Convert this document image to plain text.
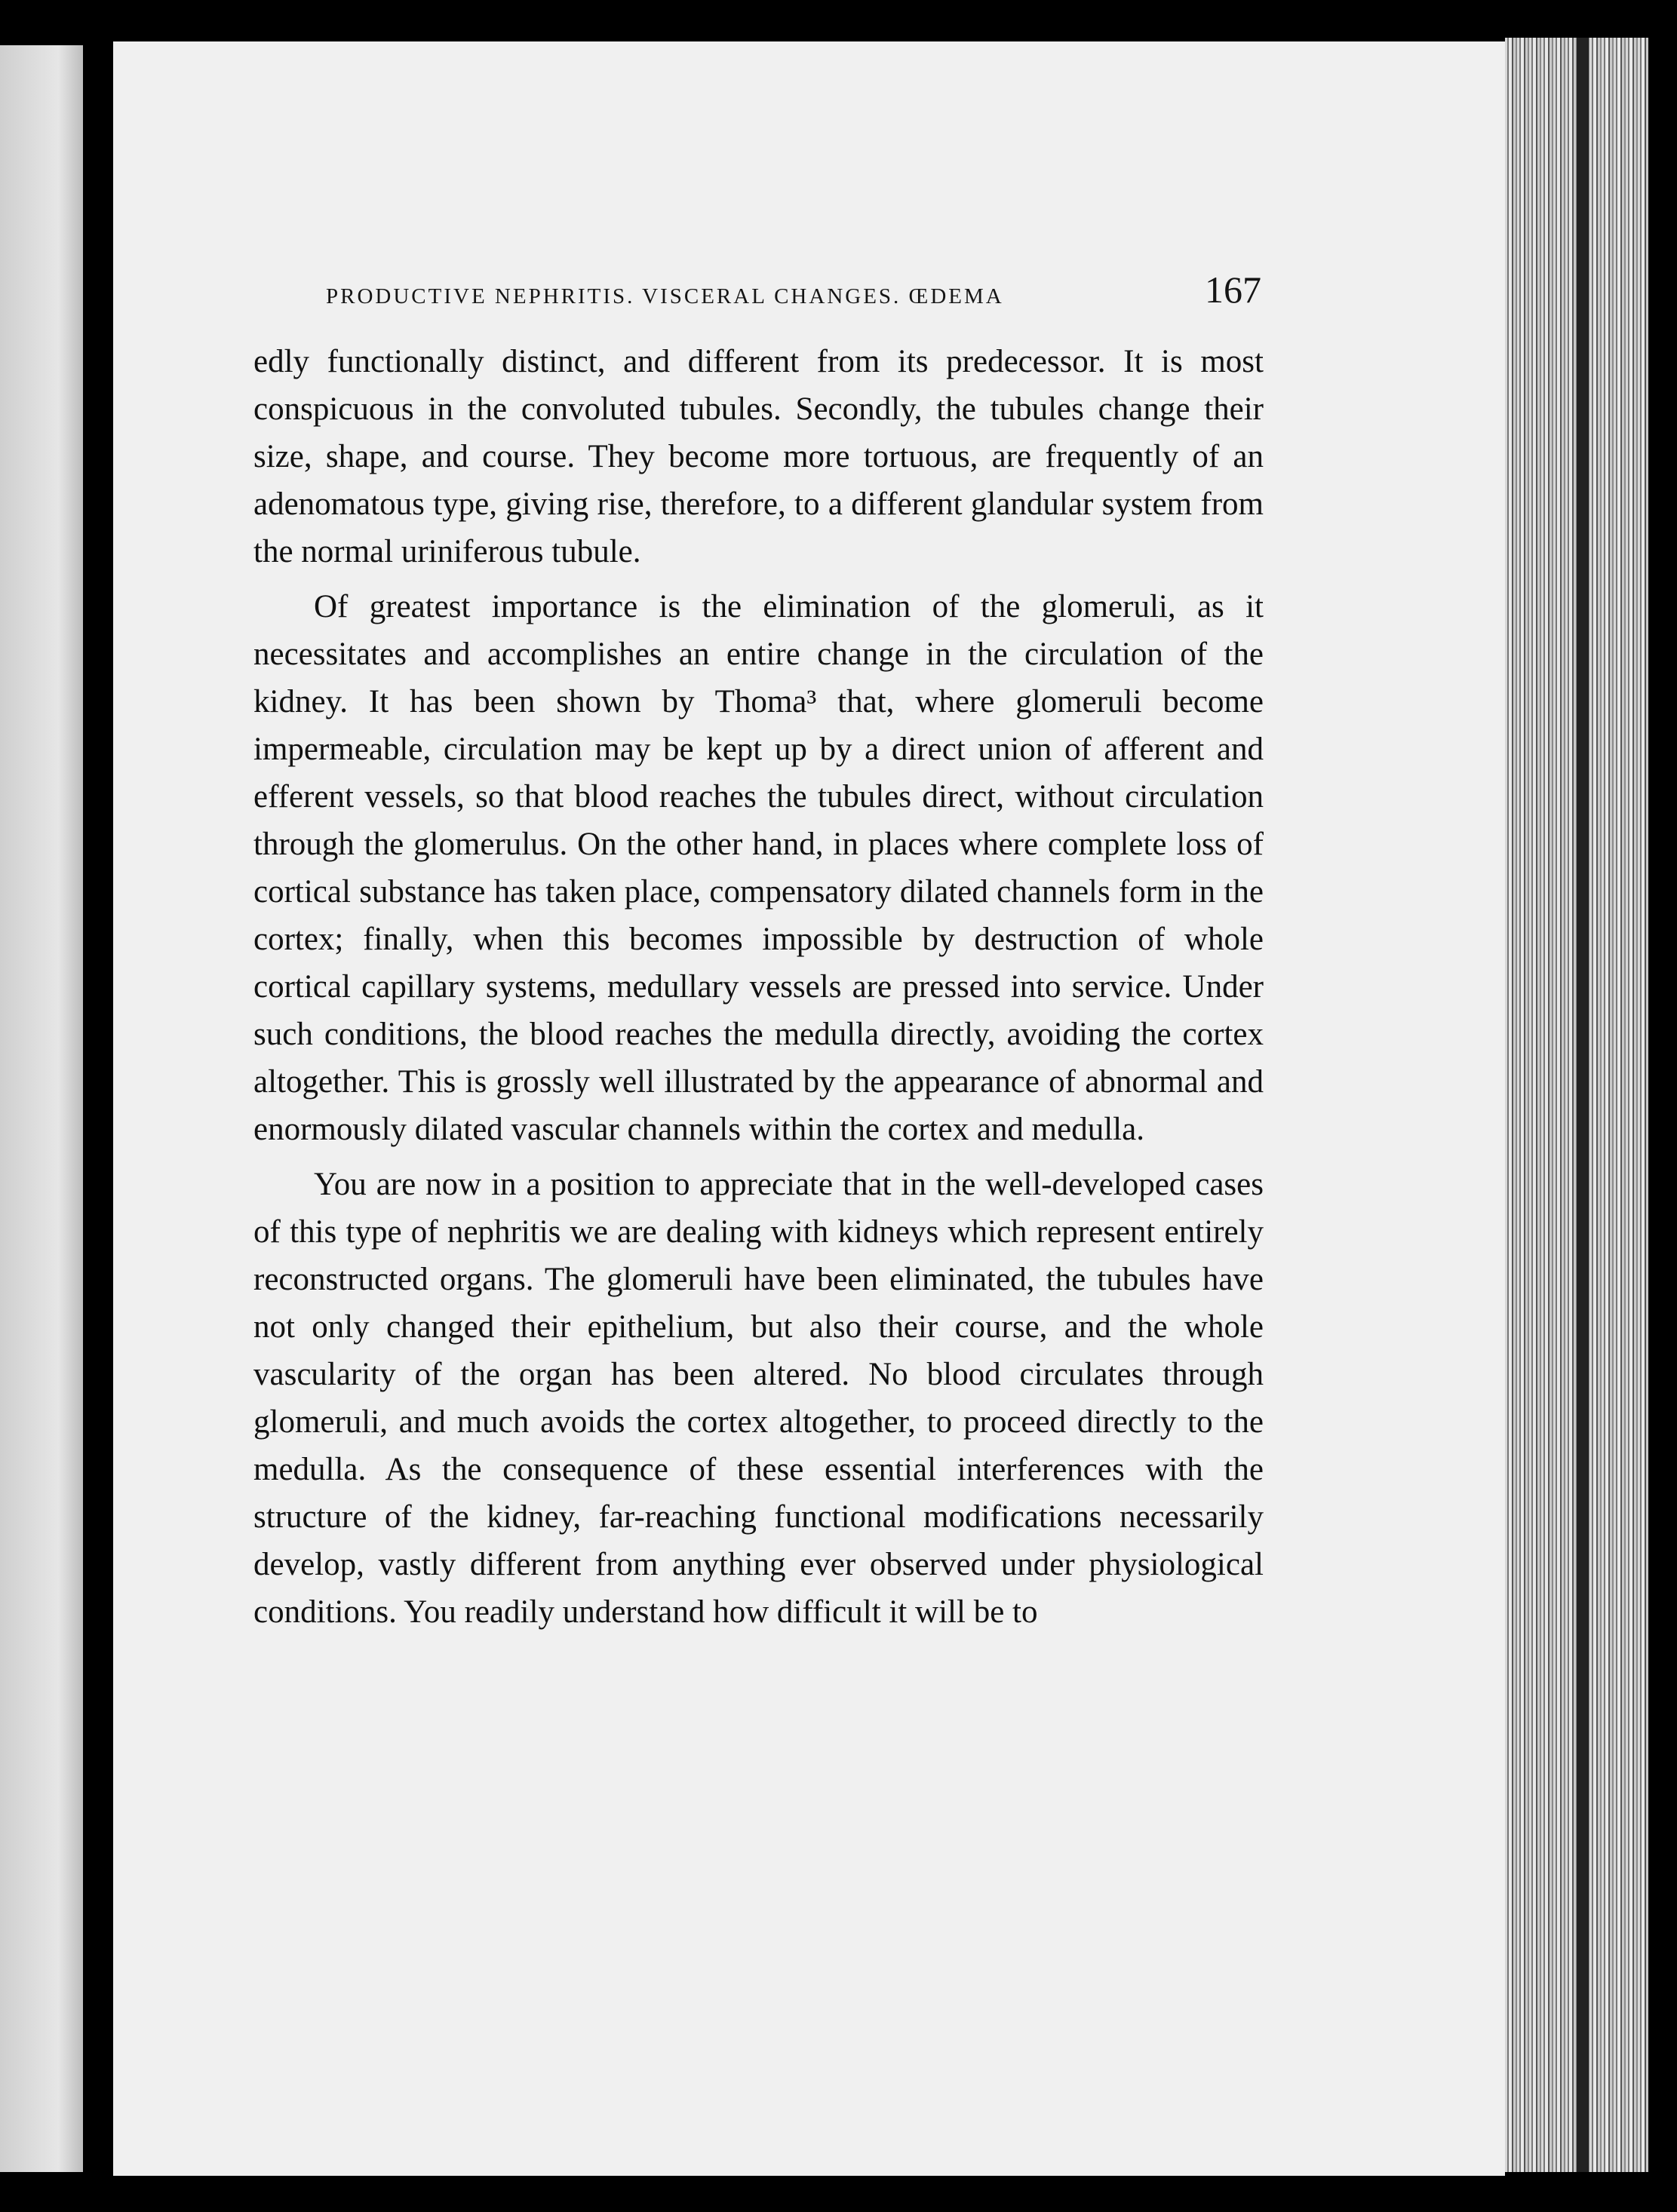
PRODUCTIVE NEPHRITIS. VISCERAL CHANGES. ŒDEMA	167

edly functionally distinct, and different from its predecessor. It is most conspicuous in the convoluted tubules. Secondly, the tubules change their size, shape, and course. They become more tortuous, are frequently of an adenomatous type, giving rise, therefore, to a different glandular system from the normal uriniferous tubule.

Of greatest importance is the elimination of the glomeruli, as it necessitates and accomplishes an entire change in the circulation of the kidney. It has been shown by Thoma³ that, where glomeruli become impermeable, circulation may be kept up by a direct union of afferent and efferent vessels, so that blood reaches the tubules direct, without circulation through the glomerulus. On the other hand, in places where complete loss of cortical substance has taken place, compensatory dilated channels form in the cortex; finally, when this becomes impossible by destruction of whole cortical capillary systems, medullary vessels are pressed into service. Under such conditions, the blood reaches the medulla directly, avoiding the cortex altogether. This is grossly well illustrated by the appearance of abnormal and enormously dilated vascular channels within the cortex and medulla.

You are now in a position to appreciate that in the well-developed cases of this type of nephritis we are dealing with kidneys which represent entirely reconstructed organs. The glomeruli have been eliminated, the tubules have not only changed their epithelium, but also their course, and the whole vascularity of the organ has been altered. No blood circulates through glomeruli, and much avoids the cortex altogether, to proceed directly to the medulla. As the consequence of these essential interferences with the structure of the kidney, far-reaching functional modifications necessarily develop, vastly different from anything ever observed under physiological conditions. You readily understand how difficult it will be to
